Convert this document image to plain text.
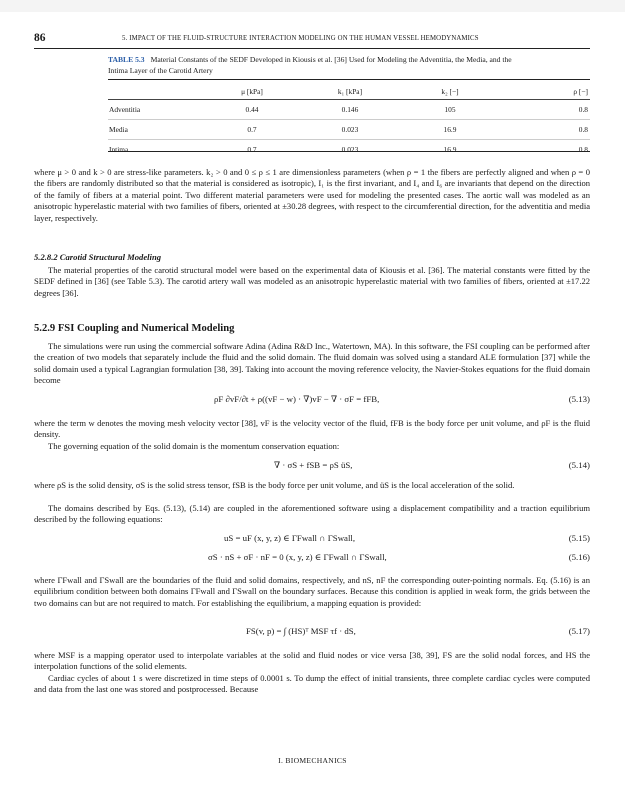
86	5. IMPACT OF THE FLUID-STRUCTURE INTERACTION MODELING ON THE HUMAN VESSEL HEMODYNAMICS
TABLE 5.3 Material Constants of the SEDF Developed in Kiousis et al. [36] Used for Modeling the Adventitia, the Media, and the Intima Layer of the Carotid Artery
	μ [kPa]	k₁ [kPa]	k₂ [−]	ρ [−]
Adventitia	0.44	0.146	105	0.8
Media	0.7	0.023	16.9	0.8
Intima	0.7	0.023	16.9	0.8
where μ > 0 and k > 0 are stress-like parameters. k₂ > 0 and 0 ≤ ρ ≤ 1 are dimensionless parameters (when ρ = 1 the fibers are perfectly aligned and when ρ = 0 the fibers are randomly distributed so that the material is considered as isotropic), I₁ is the first invariant, and I₄ and I₆ are invariants that depend on the direction of the family of fibers at a material point. Two different material parameters were used for modeling the presented cases. The aortic wall was modeled as an anisotropic hyperelastic material with two families of fibers, oriented at ±30.28 degrees, with respect to the circumferential direction, for the adventitia and media layer, respectively.
5.2.8.2 Carotid Structural Modeling
The material properties of the carotid structural model were based on the experimental data of Kiousis et al. [36]. The material constants were fitted by the SEDF defined in [36] (see Table 5.3). The carotid artery wall was modeled as an anisotropic hyperelastic material with two families of fibers, oriented at ±17.22 degrees [36].
5.2.9 FSI Coupling and Numerical Modeling
The simulations were run using the commercial software Adina (Adina R&D Inc., Watertown, MA). In this software, the FSI coupling can be performed after the creation of two models that separately include the fluid and the solid domain. The fluid domain was solved using a standard ALE formulation [37] while the solid domain used a typical Lagrangian formulation [38, 39]. Taking into account the moving reference velocity, the Navier-Stokes equations for the fluid domain become
ρF ∂vF/∂t + ρ((vF − w) · ∇)vF − ∇ · σF = fFB,	(5.13)
where the term w denotes the moving mesh velocity vector [38], vF is the velocity vector of the fluid, fFB is the body force per unit volume, and ρF is the fluid density.
The governing equation of the solid domain is the momentum conservation equation:
∇ · σS + fSB = ρS üS,	(5.14)
where ρS is the solid density, σS is the solid stress tensor, fSB is the body force per unit volume, and üS is the local acceleration of the solid.
The domains described by Eqs. (5.13), (5.14) are coupled in the aforementioned software using a displacement compatibility and a traction equilibrium described by the following equations:
uS = uF (x, y, z) ∈ ΓFwall ∩ ΓSwall,	(5.15)
σS · nS + σF · nF = 0 (x, y, z) ∈ ΓFwall ∩ ΓSwall,	(5.16)
where ΓFwall and ΓSwall are the boundaries of the fluid and solid domains, respectively, and nS, nF the corresponding outer-pointing normals. Eq. (5.16) is an equilibrium condition between both domains ΓFwall and ΓSwall on the boundary surfaces. Because this condition is applied in weak form, the grids between the two domains can but are not required to match. For establishing the equilibrium, a mapping equation is provided:
FS(v, p) = ∫ (HS)ᵀ MSF τf · dS,	(5.17)
where MSF is a mapping operator used to interpolate variables at the solid and fluid nodes or vice versa [38, 39], FS are the solid nodal forces, and HS the interpolation functions of the solid elements.
Cardiac cycles of about 1 s were discretized in time steps of 0.0001 s. To dump the effect of initial transients, three complete cardiac cycles were computed and data from the last one was stored and postprocessed. Because
I. BIOMECHANICS
